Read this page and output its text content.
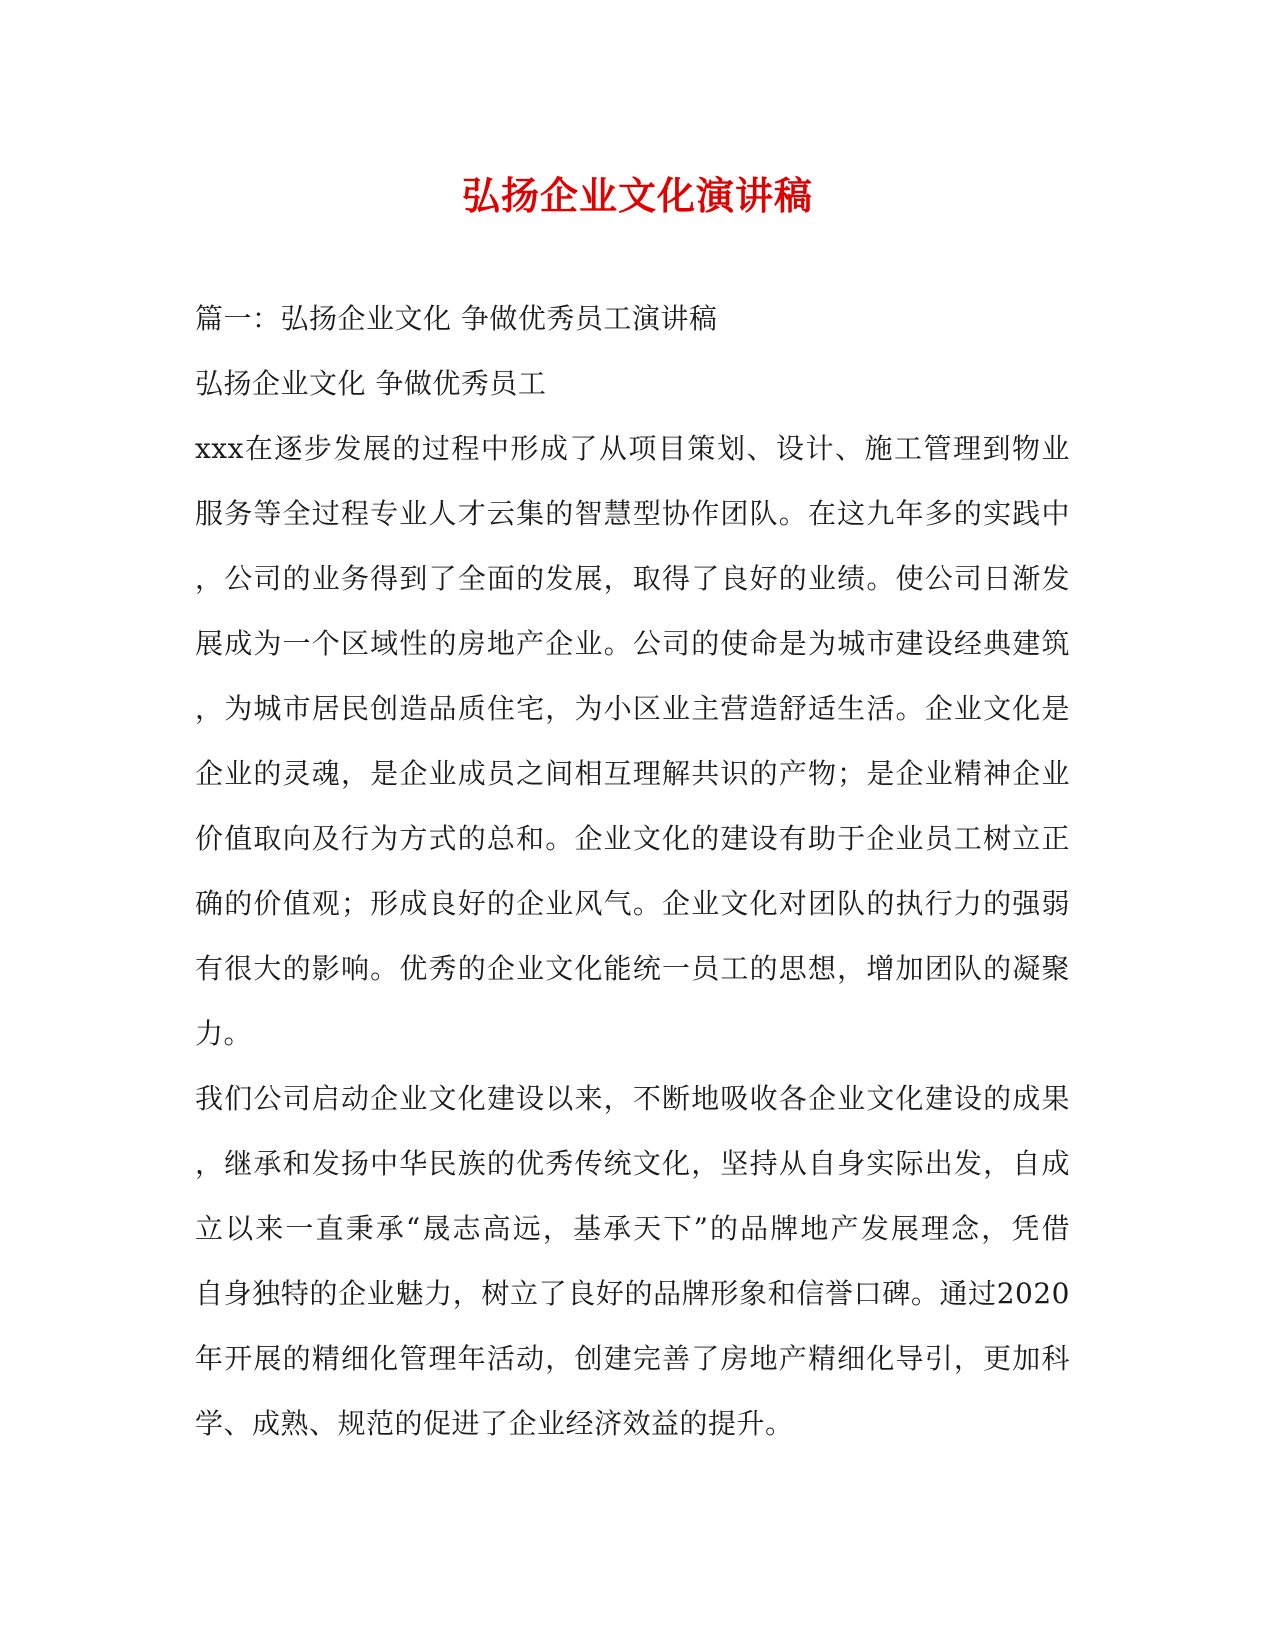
弘扬企业文化演讲稿
篇一：弘扬企业文化 争做优秀员工演讲稿
弘扬企业文化 争做优秀员工
xxx在逐步发展的过程中形成了从项目策划、设计、施工管理到物业
服务等全过程专业人才云集的智慧型协作团队。在这九年多的实践中
，公司的业务得到了全面的发展，取得了良好的业绩。使公司日渐发
展成为一个区域性的房地产企业。公司的使命是为城市建设经典建筑
，为城市居民创造品质住宅，为小区业主营造舒适生活。企业文化是
企业的灵魂，是企业成员之间相互理解共识的产物；是企业精神企业
价值取向及行为方式的总和。企业文化的建设有助于企业员工树立正
确的价值观；形成良好的企业风气。企业文化对团队的执行力的强弱
有很大的影响。优秀的企业文化能统一员工的思想，增加团队的凝聚
力。
我们公司启动企业文化建设以来，不断地吸收各企业文化建设的成果
，继承和发扬中华民族的优秀传统文化，坚持从自身实际出发，自成
立以来一直秉承“晟志高远，基承天下”的品牌地产发展理念，凭借
自身独特的企业魅力，树立了良好的品牌形象和信誉口碑。通过2020
年开展的精细化管理年活动，创建完善了房地产精细化导引，更加科
学、成熟、规范的促进了企业经济效益的提升。
